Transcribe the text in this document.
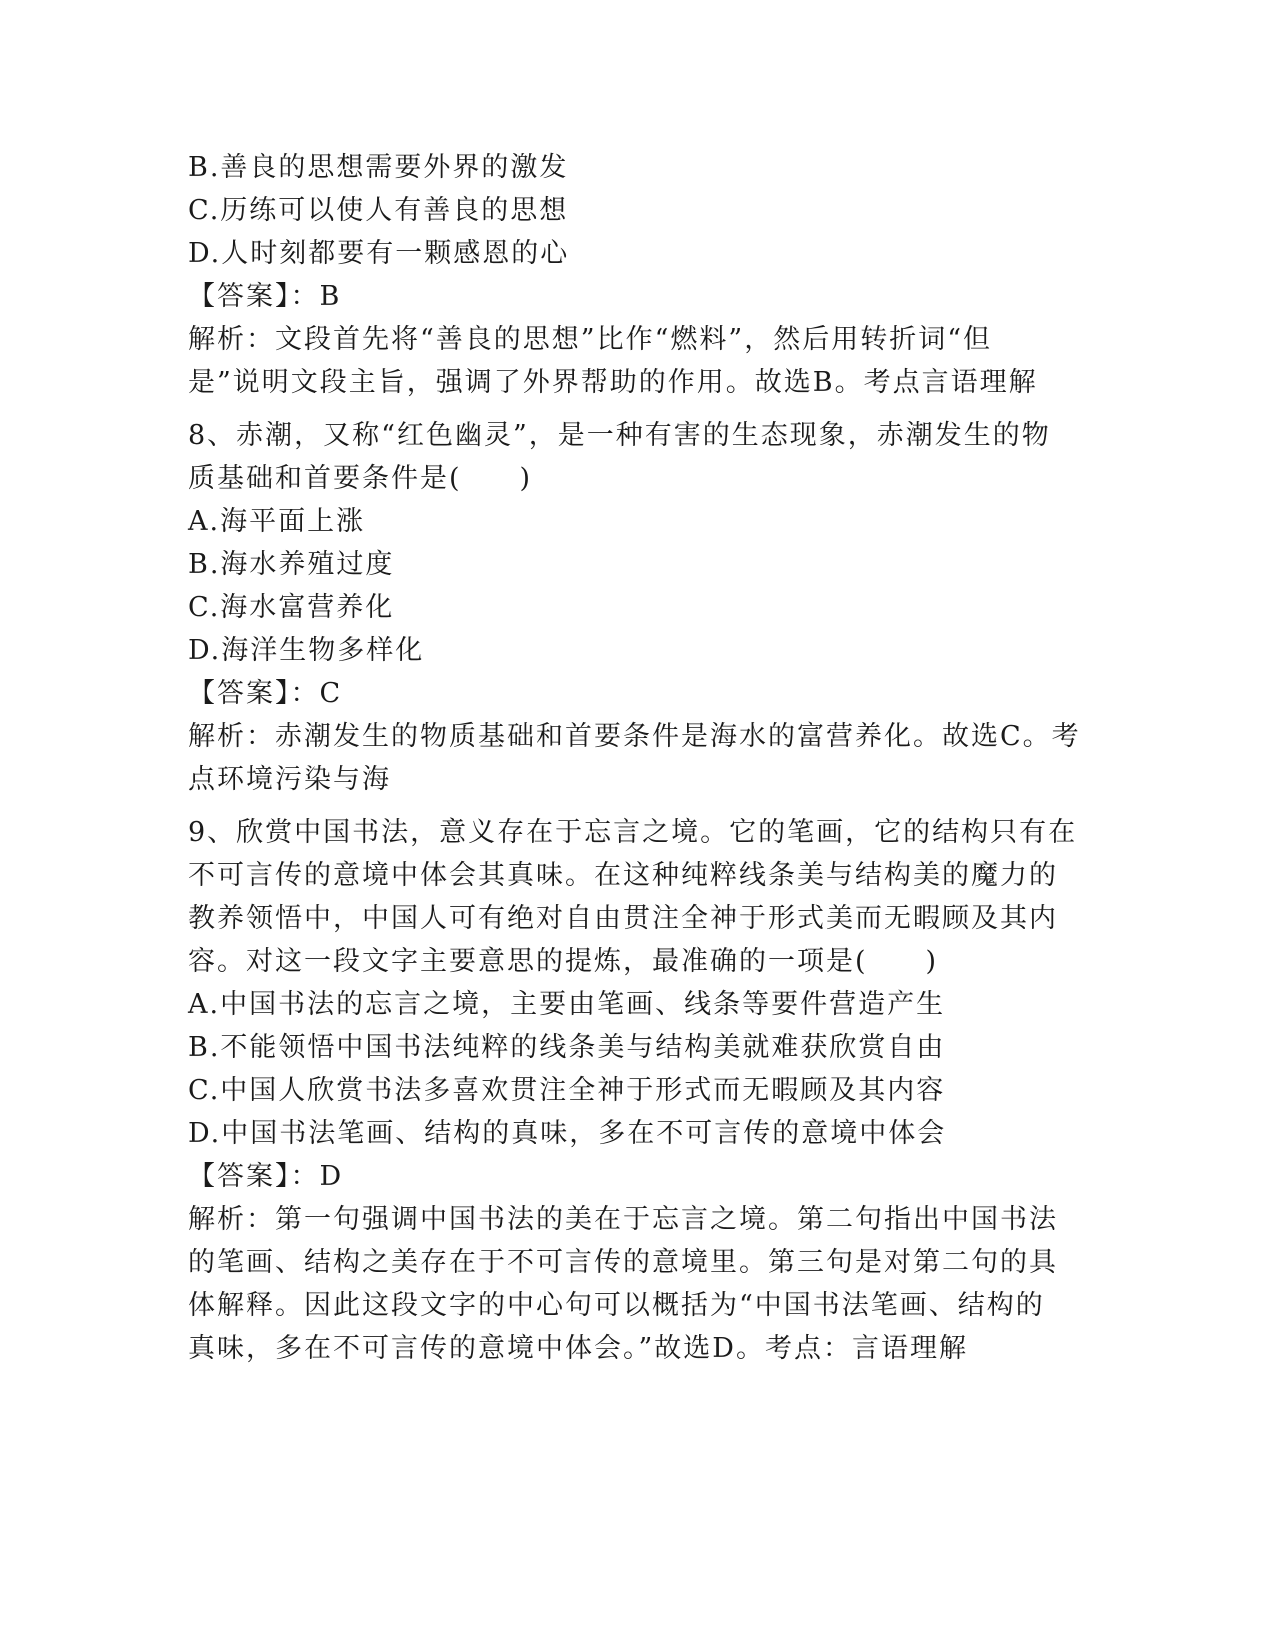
B.善良的思想需要外界的激发
C.历练可以使人有善良的思想
D.人时刻都要有一颗感恩的心
【答案】：B
解析：文段首先将“善良的思想”比作“燃料”，然后用转折词“但
是”说明文段主旨，强调了外界帮助的作用。故选B。考点言语理解
8、赤潮，又称“红色幽灵”，是一种有害的生态现象，赤潮发生的物
质基础和首要条件是(　　)
A.海平面上涨
B.海水养殖过度
C.海水富营养化
D.海洋生物多样化
【答案】：C
解析：赤潮发生的物质基础和首要条件是海水的富营养化。故选C。考
点环境污染与海
9、欣赏中国书法，意义存在于忘言之境。它的笔画，它的结构只有在
不可言传的意境中体会其真味。在这种纯粹线条美与结构美的魔力的
教养领悟中，中国人可有绝对自由贯注全神于形式美而无暇顾及其内
容。对这一段文字主要意思的提炼，最准确的一项是(　　)
A.中国书法的忘言之境，主要由笔画、线条等要件营造产生
B.不能领悟中国书法纯粹的线条美与结构美就难获欣赏自由
C.中国人欣赏书法多喜欢贯注全神于形式而无暇顾及其内容
D.中国书法笔画、结构的真味，多在不可言传的意境中体会
【答案】：D
解析：第一句强调中国书法的美在于忘言之境。第二句指出中国书法
的笔画、结构之美存在于不可言传的意境里。第三句是对第二句的具
体解释。因此这段文字的中心句可以概括为“中国书法笔画、结构的
真味，多在不可言传的意境中体会。”故选D。考点：言语理解
